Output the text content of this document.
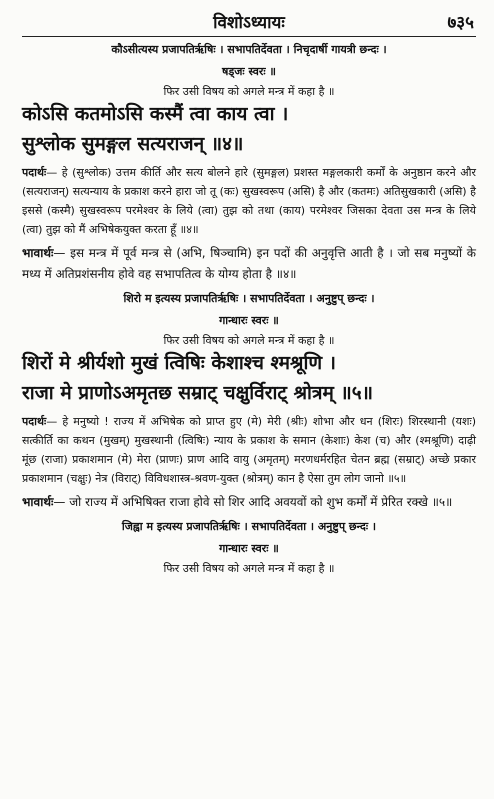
विशोऽध्यायः	७३५
कौऽसीत्यस्य प्रजापतिर्ऋषिः । सभापतिर्देवता । निचृदार्षी गायत्री छन्दः ।
षड्जः स्वरः ॥
फिर उसी विषय को अगले मन्त्र में कहा है ॥
कोऽसि कतमोऽसि कस्मैं त्वा काय त्वा ।
सुश्लोक सुमङ्गल सत्यराजन् ॥४॥
पदार्थः— हे (सुश्लोक) उत्तम कीर्ति और सत्य बोलने हारे (सुमङ्गल) प्रशस्त मङ्गलकारी कर्मों के अनुष्ठान करने और (सत्यराजन्) सत्यन्याय के प्रकाश करने हारा जो तू (कः) सुखस्वरूप (असि) है और (कतमः) अतिसुखकारी (असि) है इससे (कस्मै) सुखस्वरूप परमेश्वर के लिये (त्वा) तुझ को तथा (काय) परमेश्वर जिसका देवता उस मन्त्र के लिये (त्वा) तुझ को मैं अभिषेकयुक्त करता हूँ ॥४॥
भावार्थः— इस मन्त्र में पूर्व मन्त्र से (अभि, षिञ्चामि) इन पदों की अनुवृत्ति आती है । जो सब मनुष्यों के मध्य में अतिप्रशंसनीय होवे वह सभापतित्व के योग्य होता है ॥४॥
शिरो म इत्यस्य प्रजापतिर्ऋषिः । सभापतिर्देवता । अनुष्टुप् छन्दः ।
गान्धारः स्वरः ॥
फिर उसी विषय को अगले मन्त्र में कहा है ॥
शिरों मे श्रीर्यशो मुखं त्विषिः केशाश्च श्मश्रूणि ।
राजा मे प्राणोऽअमृतछ सम्राट् चक्षुर्विराट् श्रोत्रम् ॥५॥
पदार्थः— हे मनुष्यो ! राज्य में अभिषेक को प्राप्त हुए (मे) मेरी (श्रीः) शोभा और धन (शिरः) शिरस्थानी (यशः) सत्कीर्ति का कथन (मुखम्) मुखस्थानी (त्विषिः) न्याय के प्रकाश के समान (केशाः) केश (च) और (श्मश्रूणि) दाढ़ी मूंछ (राजा) प्रकाशमान (मे) मेरा (प्राणः) प्राण आदि वायु (अमृतम्) मरणधर्मरहित चेतन ब्रह्म (सम्राट्) अच्छे प्रकार प्रकाशमान (चक्षुः) नेत्र (विराट्) विविधशास्त्र-श्रवण-युक्त (श्रोत्रम्) कान है ऐसा तुम लोग जानो ॥५॥
भावार्थः— जो राज्य में अभिषिक्त राजा होवे सो शिर आदि अवयवों को शुभ कर्मों में प्रेरित रक्खे ॥५॥
जिह्वा म इत्यस्य प्रजापतिर्ऋषिः । सभापतिर्देवता । अनुष्टुप् छन्दः ।
गान्धारः स्वरः ॥
फिर उसी विषय को अगले मन्त्र में कहा है ॥
